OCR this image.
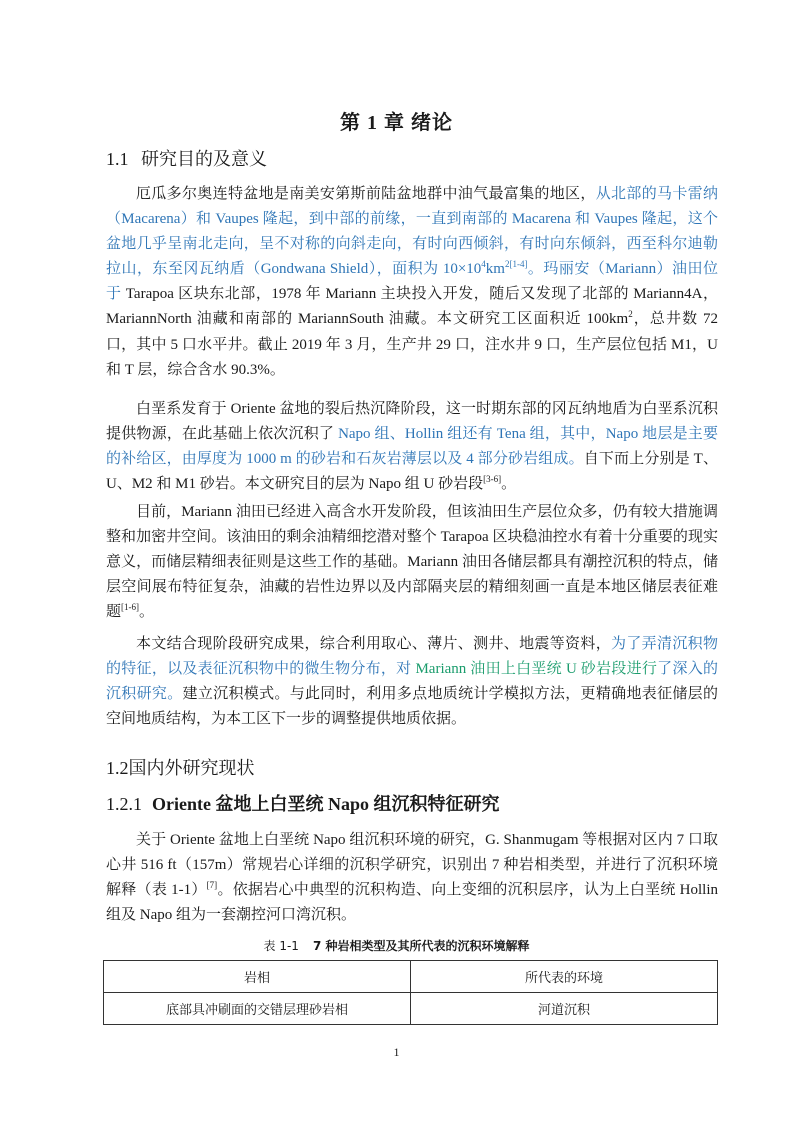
第 1 章 绪论
1.1 研究目的及意义

厄瓜多尔奥连特盆地是南美安第斯前陆盆地群中油气最富集的地区，从北部的马卡雷纳（Macarena）和 Vaupes 隆起，到中部的前缘，一直到南部的 Macarena 和 Vaupes 隆起，这个盆地几乎呈南北走向，呈不对称的向斜走向，有时向西倾斜，有时向东倾斜，西至科尔迪勒拉山，东至冈瓦纳盾（Gondwana Shield），面积为 $10\times 10^4km^{2[1-4]}$。玛丽安（Mariann）油田位于 Tarapoa 区块东北部，1978 年 Mariann 主块投入开发，随后又发现了北部的 Mariann4A，MariannNorth 油藏和南部的 MariannSouth 油藏。本文研究工区面积近 $100km^2$，总井数 72 口，其中 5 口水平井。截止 2019 年 3 月，生产井 29 口，注水井 9 口，生产层位包括 M1，U 和 T 层，综合含水 90.3%。

白垩系发育于 Oriente 盆地的裂后热沉降阶段，这一时期东部的冈瓦纳地盾为白垩系沉积提供物源，在此基础上依次沉积了 Napo 组、Hollin 组还有 Tena 组，其中，Napo 地层是主要的补给区，由厚度为 1000 m 的砂岩和石灰岩薄层以及 4 部分砂岩组成。自下而上分别是 T、U、M2 和 M1 砂岩。本文研究目的层为 Napo 组 U 砂岩段[3-6]。

目前，Mariann 油田已经进入高含水开发阶段，但该油田生产层位众多，仍有较大措施调整和加密井空间。该油田的剩余油精细挖潜对整个 Tarapoa 区块稳油控水有着十分重要的现实意义，而储层精细表征则是这些工作的基础。Mariann 油田各储层都具有潮控沉积的特点，储层空间展布特征复杂，油藏的岩性边界以及内部隔夹层的精细刻画一直是本地区储层表征难题[1-6]。

本文结合现阶段研究成果，综合利用取心、薄片、测井、地震等资料，为了弄清沉积物的特征，以及表征沉积物中的微生物分布，对 Mariann 油田上白垩统 U 砂岩段进行了深入的沉积研究。建立沉积模式。与此同时，利用多点地质统计学模拟方法，更精确地表征储层的空间地质结构，为本工区下一步的调整提供地质依据。

1.2国内外研究现状
1.2.1 Oriente 盆地上白垩统 Napo 组沉积特征研究

关于 Oriente 盆地上白垩统 Napo 组沉积环境的研究，G. Shanmugam 等根据对区内 7 口取心井 516 ft（157m）常规岩心详细的沉积学研究，识别出 7 种岩相类型，并进行了沉积环境解释（表 1-1）[7]。依据岩心中典型的沉积构造、向上变细的沉积层序，认为上白垩统 Hollin 组及 Napo 组为一套潮控河口湾沉积。

表 1-1 7 种岩相类型及其所代表的沉积环境解释
岩相	所代表的环境
底部具冲刷面的交错层理砂岩相	河道沉积
1
